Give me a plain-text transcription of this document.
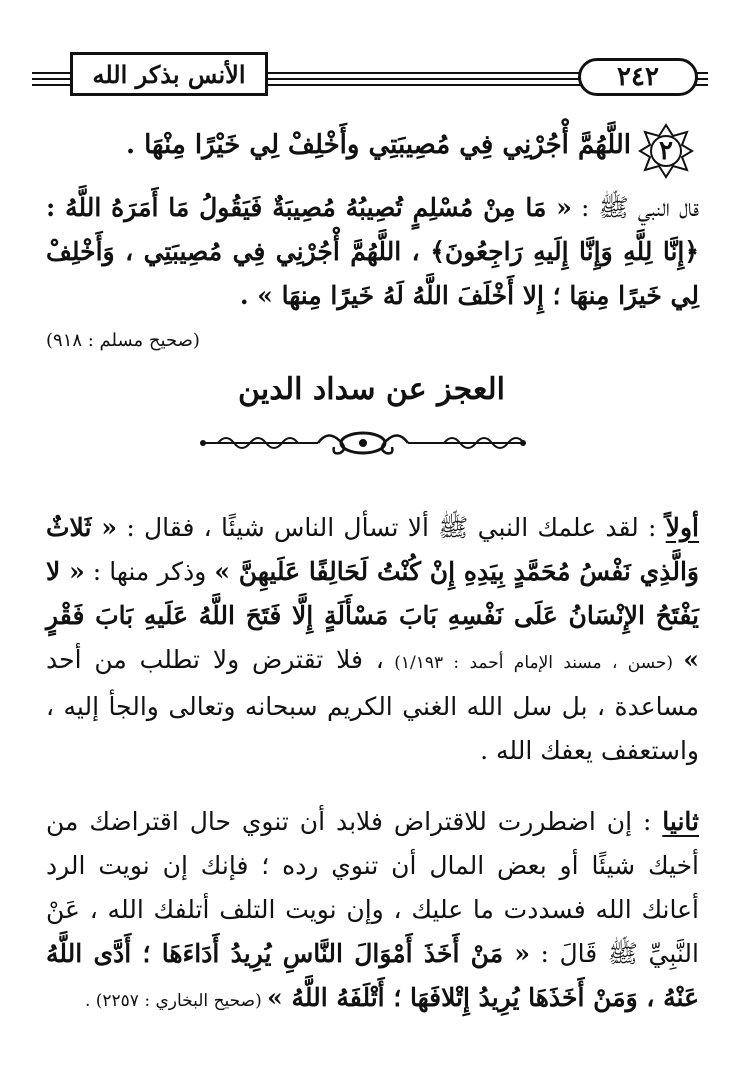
الأنس بذكر الله	٢٤٢
٢
اللَّهُمَّ أْجُرْنِي فِي مُصِيبَتِي وأَخْلِفْ لِي خَيْرًا مِنْهَا .
قال النبي ﷺ : « مَا مِنْ مُسْلِمٍ تُصِيبُهُ مُصِيبَةٌ فَيَقُولُ مَا أَمَرَهُ اللَّهُ : ﴿إِنَّا لِلَّهِ وَإِنَّا إِلَيهِ رَاجِعُونَ﴾ ، اللَّهُمَّ أْجُرْنِي فِي مُصِيبَتِي ، وَأَخْلِفْ لِي خَيرًا مِنهَا ؛ إِلا أَخْلَفَ اللَّهُ لَهُ خَيرًا مِنهَا » .
(صحيح مسلم : ٩١٨)
العجز عن سداد الدين
أولاً : لقد علمك النبي ﷺ ألا تسأل الناس شيئًا ، فقال : « ثَلاثٌ وَالَّذِي نَفْسُ مُحَمَّدٍ بِيَدِهِ إِنْ كُنْتُ لَحَالِفًا عَلَيهِنَّ » وذكر منها : « لا يَفْتَحُ الإِنْسَانُ عَلَى نَفْسِهِ بَابَ مَسْأَلَةٍ إِلَّا فَتَحَ اللَّهُ عَلَيهِ بَابَ فَقْرٍ » (حسن ، مسند الإمام أحمد : ١/١٩٣) ، فلا تقترض ولا تطلب من أحد مساعدة ، بل سل الله الغني الكريم سبحانه وتعالى والجأ إليه ، واستعفف يعفك الله .
ثانيا : إن اضطررت للاقتراض فلابد أن تنوي حال اقتراضك من أخيك شيئًا أو بعض المال أن تنوي رده ؛ فإنك إن نويت الرد أعانك الله فسددت ما عليك ، وإن نويت التلف أتلفك الله ، عَنْ النَّبِيِّ ﷺ قَالَ : « مَنْ أَخَذَ أَمْوَالَ النَّاسِ يُرِيدُ أَدَاءَهَا ؛ أَدَّى اللَّهُ عَنْهُ ، وَمَنْ أَخَذَهَا يُرِيدُ إِتْلافَهَا ؛ أَتْلَفَهُ اللَّهُ » (صحيح البخاري : ٢٢٥٧) .
